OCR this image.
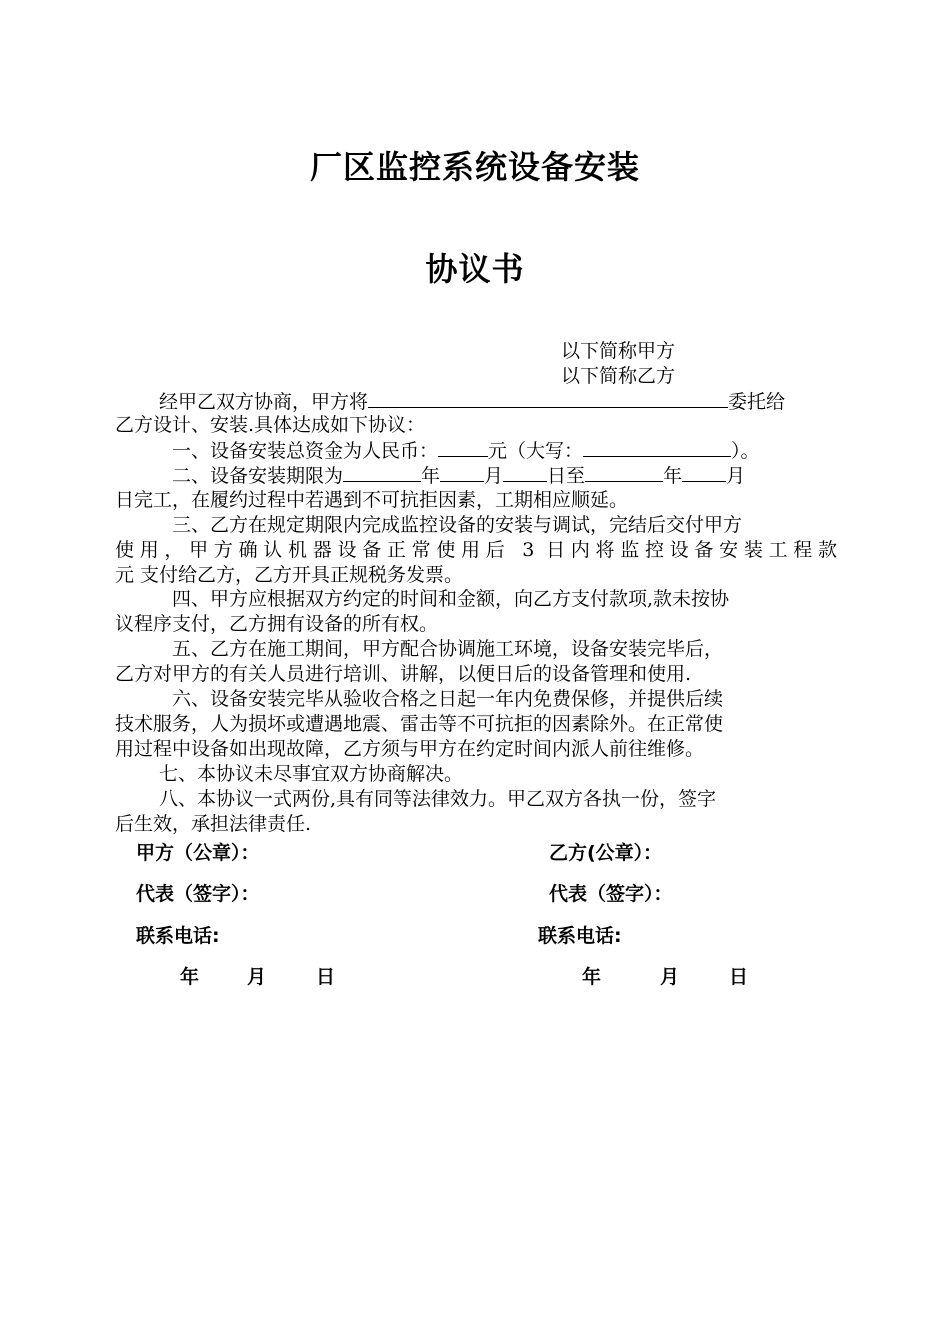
厂区监控系统设备安装
协议书
以下简称甲方
以下简称乙方
经甲乙双方协商，甲方将	委托给
乙方设计、安装.具体达成如下协议：
一、设备安装总资金为人民币：	元（大写：	）。
二、设备安装期限为	年 月 日至	年 月
日完工，在履约过程中若遇到不可抗拒因素，工期相应顺延。
三、乙方在规定期限内完成监控设备的安装与调试，完结后交付甲方
使用，甲方确认机器设备正常使用后 3 日内将监控设备安装工程款
元 支付给乙方，乙方开具正规税务发票。
四、甲方应根据双方约定的时间和金额，向乙方支付款项,款未按协
议程序支付，乙方拥有设备的所有权。
五、乙方在施工期间，甲方配合协调施工环境，设备安装完毕后，
乙方对甲方的有关人员进行培训、讲解，以便日后的设备管理和使用.
六、设备安装完毕从验收合格之日起一年内免费保修，并提供后续
技术服务，人为损坏或遭遇地震、雷击等不可抗拒的因素除外。在正常使
用过程中设备如出现故障，乙方须与甲方在约定时间内派人前往维修。
七、本协议未尽事宜双方协商解决。
八、本协议一式两份,具有同等法律效力。甲乙双方各执一份，签字
后生效，承担法律责任.
甲方（公章）：	乙方(公章）：
代表（签字）：	代表（签字）：
联系电话:	联系电话:
年	月	日	年	月	日
